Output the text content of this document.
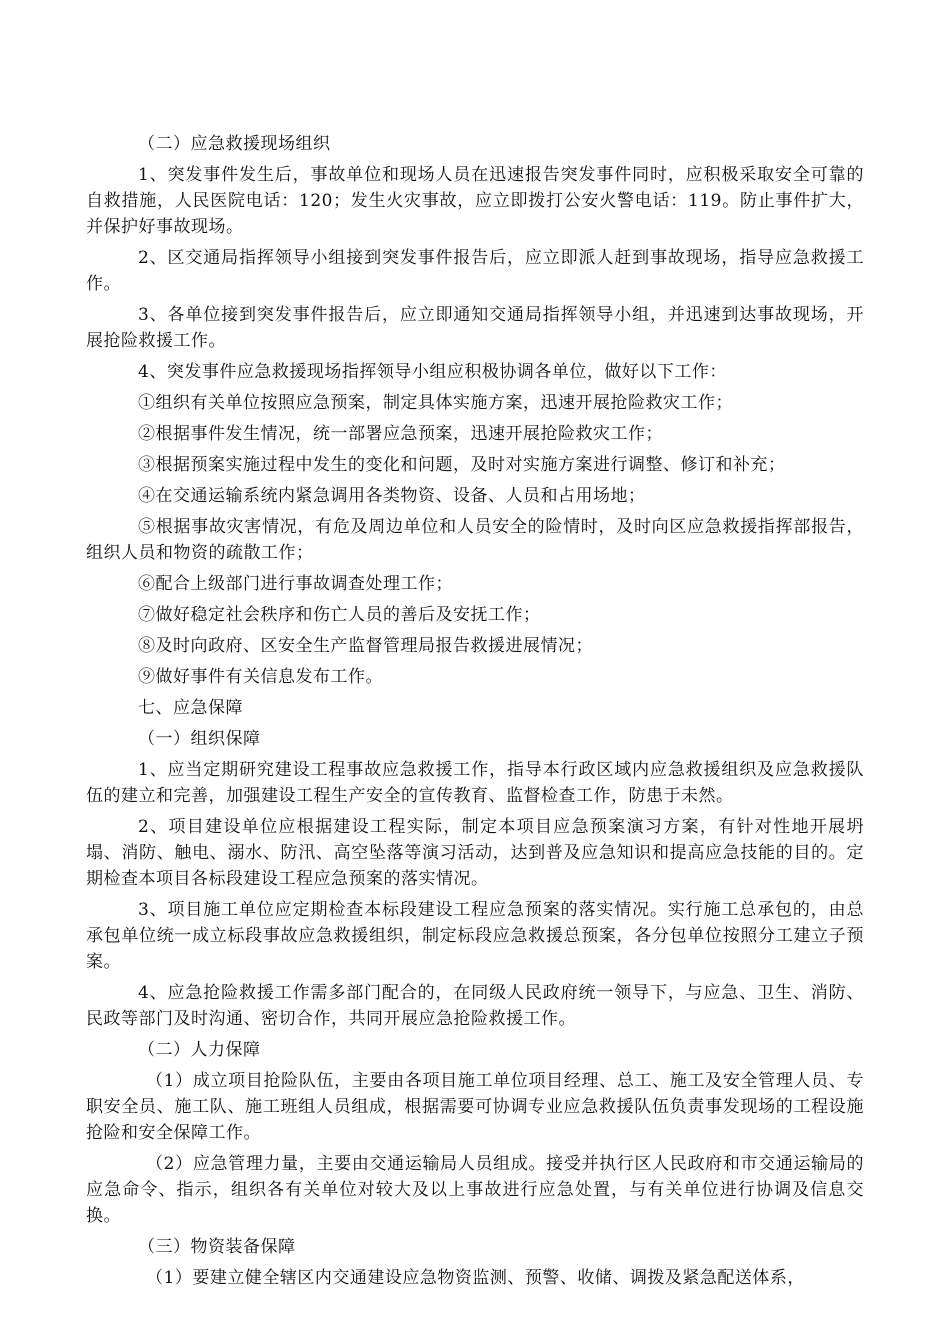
（二）应急救援现场组织

1、突发事件发生后，事故单位和现场人员在迅速报告突发事件同时，应积极采取安全可靠的自救措施，人民医院电话：120；发生火灾事故，应立即拨打公安火警电话：119。防止事件扩大，并保护好事故现场。

2、区交通局指挥领导小组接到突发事件报告后，应立即派人赶到事故现场，指导应急救援工作。

3、各单位接到突发事件报告后，应立即通知交通局指挥领导小组，并迅速到达事故现场，开展抢险救援工作。

4、突发事件应急救援现场指挥领导小组应积极协调各单位，做好以下工作：

①组织有关单位按照应急预案，制定具体实施方案，迅速开展抢险救灾工作；

②根据事件发生情况，统一部署应急预案，迅速开展抢险救灾工作；

③根据预案实施过程中发生的变化和问题，及时对实施方案进行调整、修订和补充；

④在交通运输系统内紧急调用各类物资、设备、人员和占用场地；

⑤根据事故灾害情况，有危及周边单位和人员安全的险情时，及时向区应急救援指挥部报告，组织人员和物资的疏散工作；

⑥配合上级部门进行事故调查处理工作；

⑦做好稳定社会秩序和伤亡人员的善后及安抚工作；

⑧及时向政府、区安全生产监督管理局报告救援进展情况；

⑨做好事件有关信息发布工作。

七、应急保障

（一）组织保障

1、应当定期研究建设工程事故应急救援工作，指导本行政区域内应急救援组织及应急救援队伍的建立和完善，加强建设工程生产安全的宣传教育、监督检查工作，防患于未然。

2、项目建设单位应根据建设工程实际，制定本项目应急预案演习方案，有针对性地开展坍塌、消防、触电、溺水、防汛、高空坠落等演习活动，达到普及应急知识和提高应急技能的目的。定期检查本项目各标段建设工程应急预案的落实情况。

3、项目施工单位应定期检查本标段建设工程应急预案的落实情况。实行施工总承包的，由总承包单位统一成立标段事故应急救援组织，制定标段应急救援总预案，各分包单位按照分工建立子预案。

4、应急抢险救援工作需多部门配合的，在同级人民政府统一领导下，与应急、卫生、消防、民政等部门及时沟通、密切合作，共同开展应急抢险救援工作。

（二）人力保障

（1）成立项目抢险队伍，主要由各项目施工单位项目经理、总工、施工及安全管理人员、专职安全员、施工队、施工班组人员组成，根据需要可协调专业应急救援队伍负责事发现场的工程设施抢险和安全保障工作。

（2）应急管理力量，主要由交通运输局人员组成。接受并执行区人民政府和市交通运输局的应急命令、指示，组织各有关单位对较大及以上事故进行应急处置，与有关单位进行协调及信息交换。

（三）物资装备保障

（1）要建立健全辖区内交通建设应急物资监测、预警、收储、调拨及紧急配送体系，
